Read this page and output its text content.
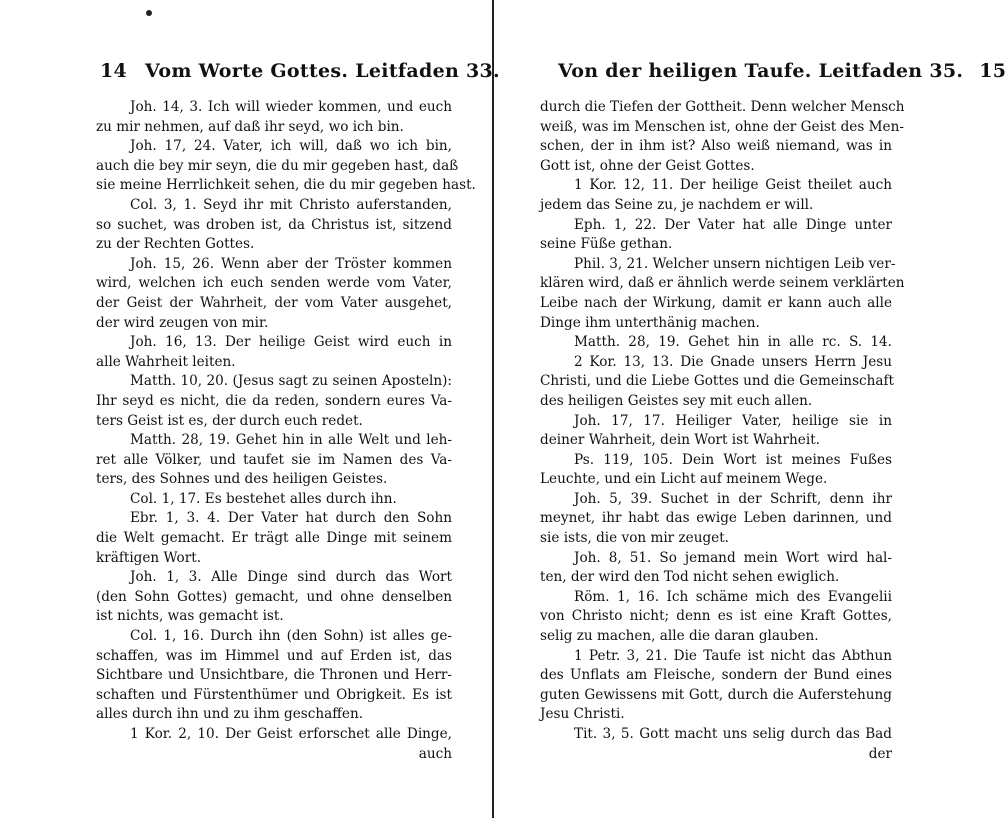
14 Vom Worte Gottes. Leitfaden 33.
Joh. 14, 3. Ich will wieder kommen, und euch
zu mir nehmen, auf daß ihr seyd, wo ich bin.
Joh. 17, 24. Vater, ich will, daß wo ich bin,
auch die bey mir seyn, die du mir gegeben hast, daß
sie meine Herrlichkeit sehen, die du mir gegeben hast.
Col. 3, 1. Seyd ihr mit Christo auferstanden,
so suchet, was droben ist, da Christus ist, sitzend
zu der Rechten Gottes.
Joh. 15, 26. Wenn aber der Tröster kommen
wird, welchen ich euch senden werde vom Vater,
der Geist der Wahrheit, der vom Vater ausgehet,
der wird zeugen von mir.
Joh. 16, 13. Der heilige Geist wird euch in
alle Wahrheit leiten.
Matth. 10, 20. (Jesus sagt zu seinen Aposteln):
Ihr seyd es nicht, die da reden, sondern eures Va-
ters Geist ist es, der durch euch redet.
Matth. 28, 19. Gehet hin in alle Welt und leh-
ret alle Völker, und taufet sie im Namen des Va-
ters, des Sohnes und des heiligen Geistes.
Col. 1, 17. Es bestehet alles durch ihn.
Ebr. 1, 3. 4. Der Vater hat durch den Sohn
die Welt gemacht. Er trägt alle Dinge mit seinem
kräftigen Wort.
Joh. 1, 3. Alle Dinge sind durch das Wort
(den Sohn Gottes) gemacht, und ohne denselben
ist nichts, was gemacht ist.
Col. 1, 16. Durch ihn (den Sohn) ist alles ge-
schaffen, was im Himmel und auf Erden ist, das
Sichtbare und Unsichtbare, die Thronen und Herr-
schaften und Fürstenthümer und Obrigkeit. Es ist
alles durch ihn und zu ihm geschaffen.
1 Kor. 2, 10. Der Geist erforschet alle Dinge,
auch
Von der heiligen Taufe. Leitfaden 35. 15
durch die Tiefen der Gottheit. Denn welcher Mensch
weiß, was im Menschen ist, ohne der Geist des Men-
schen, der in ihm ist? Also weiß niemand, was in
Gott ist, ohne der Geist Gottes.
1 Kor. 12, 11. Der heilige Geist theilet auch
jedem das Seine zu, je nachdem er will.
Eph. 1, 22. Der Vater hat alle Dinge unter
seine Füße gethan.
Phil. 3, 21. Welcher unsern nichtigen Leib ver-
klären wird, daß er ähnlich werde seinem verklärten
Leibe nach der Wirkung, damit er kann auch alle
Dinge ihm unterthänig machen.
Matth. 28, 19. Gehet hin in alle rc. S. 14.
2 Kor. 13, 13. Die Gnade unsers Herrn Jesu
Christi, und die Liebe Gottes und die Gemeinschaft
des heiligen Geistes sey mit euch allen.
Joh. 17, 17. Heiliger Vater, heilige sie in
deiner Wahrheit, dein Wort ist Wahrheit.
Ps. 119, 105. Dein Wort ist meines Fußes
Leuchte, und ein Licht auf meinem Wege.
Joh. 5, 39. Suchet in der Schrift, denn ihr
meynet, ihr habt das ewige Leben darinnen, und
sie ists, die von mir zeuget.
Joh. 8, 51. So jemand mein Wort wird hal-
ten, der wird den Tod nicht sehen ewiglich.
Röm. 1, 16. Ich schäme mich des Evangelii
von Christo nicht; denn es ist eine Kraft Gottes,
selig zu machen, alle die daran glauben.
1 Petr. 3, 21. Die Taufe ist nicht das Abthun
des Unflats am Fleische, sondern der Bund eines
guten Gewissens mit Gott, durch die Auferstehung
Jesu Christi.
Tit. 3, 5. Gott macht uns selig durch das Bad
der
